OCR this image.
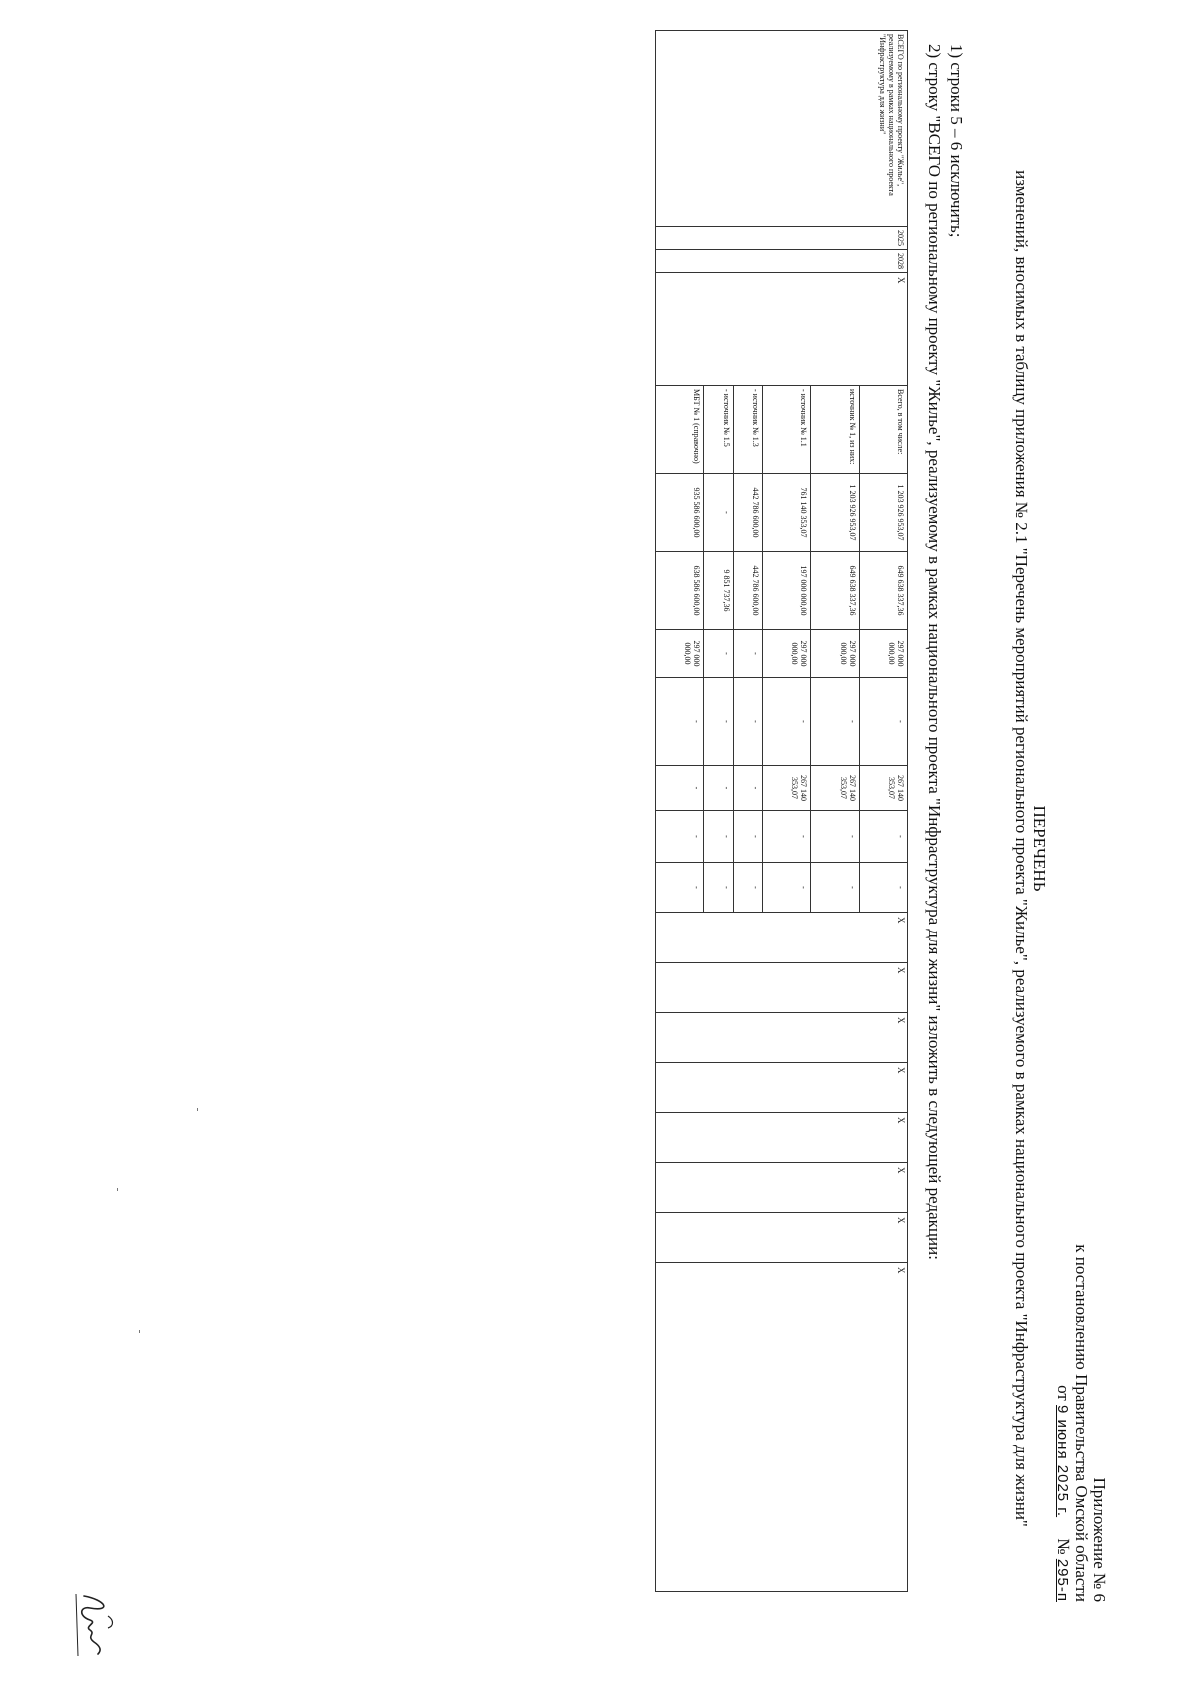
Приложение № 6
к постановлению Правительства Омской области
от 9 июня 2025 г.     № 295-п
ПЕРЕЧЕНЬ
изменений, вносимых в таблицу приложения № 2.1 "Перечень мероприятий регионального проекта "Жилье", реализуемого в рамках национального проекта "Инфраструктура для жизни"
1) строки 5 – 6 исключить;
2) строку "ВСЕГО по региональному проекту "Жилье", реализуемому в рамках национального проекта "Инфраструктура для жизни" изложить в следующей редакции:
ВСЕГО по региональному проекту "Жилье", реализуемому в рамках национального проекта "Инфраструктура для жизни"	2025	2028	X	Всего, в том числе:	1 203 926 953,07	649 638 337,36	297 000 000,00	-	267 140 353,07	-	-	X	X	X	X	X	X	X	X
				источник № 1, из них:	1 203 926 953,07	649 638 337,36	297 000 000,00	-	267 140 353,07	-	-								
				- источник № 1.1	761 140 353,07	197 000 000,00	297 000 000,00	-	267 140 353,07	-	-								
				- источник № 1.3	442 786 600,00	442 786 600,00	-	-	-	-	-								
				- источник № 1.5	-	9 851 737,36	-	-	-	-	-								
				МБТ № 1 (справочно)	935 586 600,00	638 586 600,00	297 000 000,00	-	-	-	-								
